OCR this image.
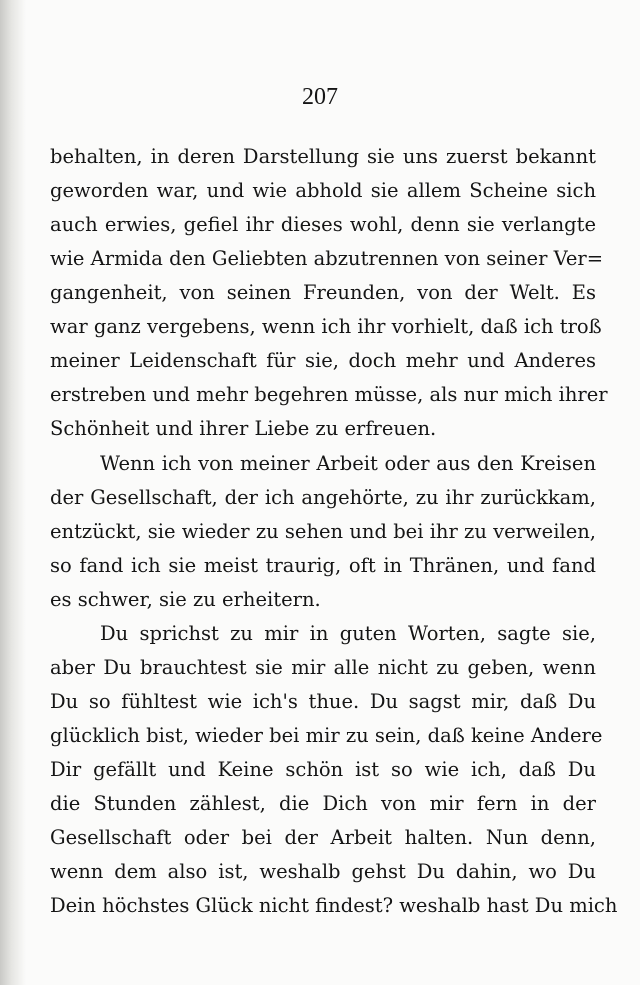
207
behalten, in deren Darstellung sie uns zuerst bekannt
geworden war, und wie abhold sie allem Scheine sich
auch erwies, gefiel ihr dieses wohl, denn sie verlangte
wie Armida den Geliebten abzutrennen von seiner Ver=
gangenheit, von seinen Freunden, von der Welt. Es
war ganz vergebens, wenn ich ihr vorhielt, daß ich troß
meiner Leidenschaft für sie, doch mehr und Anderes
erstreben und mehr begehren müsse, als nur mich ihrer
Schönheit und ihrer Liebe zu erfreuen.
Wenn ich von meiner Arbeit oder aus den Kreisen
der Gesellschaft, der ich angehörte, zu ihr zurückkam,
entzückt, sie wieder zu sehen und bei ihr zu verweilen,
so fand ich sie meist traurig, oft in Thränen, und fand
es schwer, sie zu erheitern.
Du sprichst zu mir in guten Worten, sagte sie,
aber Du brauchtest sie mir alle nicht zu geben, wenn
Du so fühltest wie ich's thue. Du sagst mir, daß Du
glücklich bist, wieder bei mir zu sein, daß keine Andere
Dir gefällt und Keine schön ist so wie ich, daß Du
die Stunden zählest, die Dich von mir fern in der
Gesellschaft oder bei der Arbeit halten. Nun denn,
wenn dem also ist, weshalb gehst Du dahin, wo Du
Dein höchstes Glück nicht findest? weshalb hast Du mich
